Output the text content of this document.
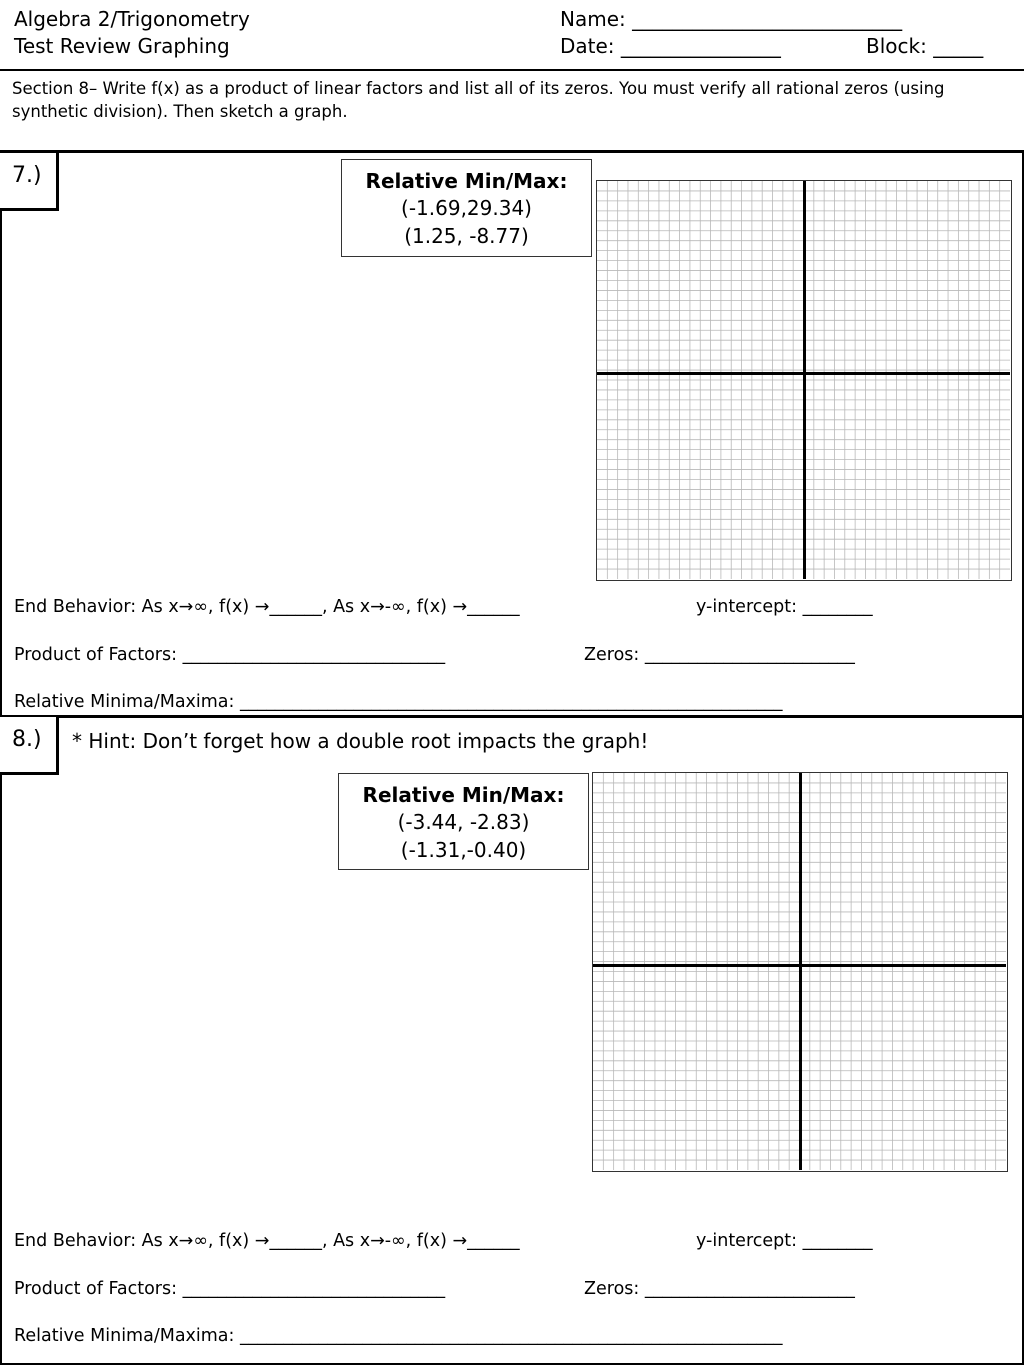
Algebra 2/Trigonometry
Test Review Graphing
Name: ___________________________
Date: ________________	Block: _____
Section 8– Write f(x) as a product of linear factors and list all of its zeros. You must verify all rational zeros (using synthetic division). Then sketch a graph.
7.)	Relative Min/Max:
(-1.69,29.34)
(1.25, -8.77)
End Behavior: As x→∞, f(x) →______, As x→-∞, f(x) →______	y-intercept: ________
Product of Factors: ______________________________	Zeros: ________________________
Relative Minima/Maxima: ______________________________________________________________
8.) * Hint: Don’t forget how a double root impacts the graph!
Relative Min/Max:
(-3.44, -2.83)
(-1.31,-0.40)
End Behavior: As x→∞, f(x) →______, As x→-∞, f(x) →______	y-intercept: ________
Product of Factors: ______________________________	Zeros: ________________________
Relative Minima/Maxima: ______________________________________________________________
